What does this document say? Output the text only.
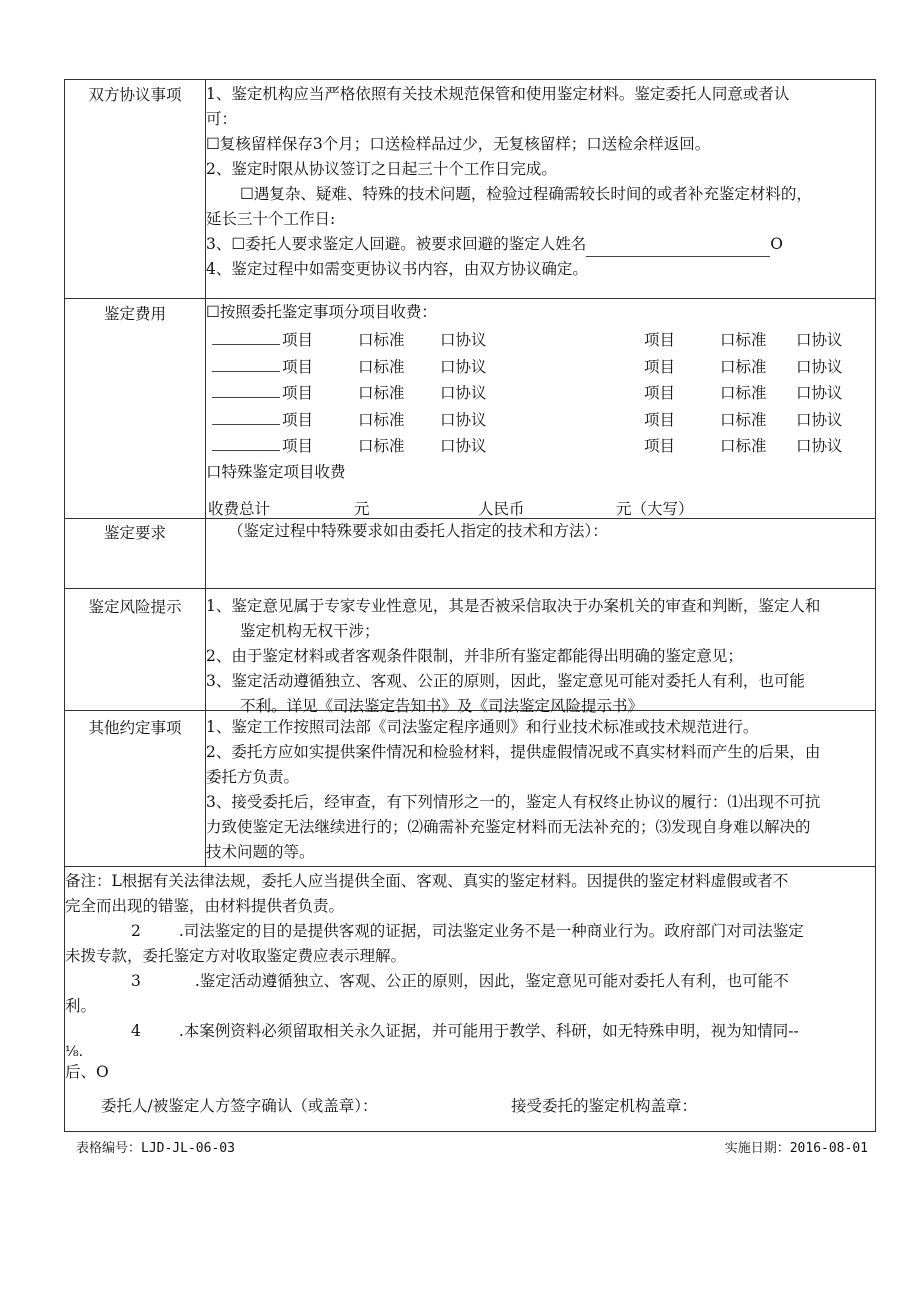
双方协议事项	1、鉴定机构应当严格依照有关技术规范保管和使用鉴定材料。鉴定委托人同意或者认
可：
☐复核留样保存3个月；口送检样品过少，无复核留样；口送检余样返回。
2、鉴定时限从协议签订之日起三十个工作日完成。
☐遇复杂、疑难、特殊的技术问题，检验过程确需较长时间的或者补充鉴定材料的，
延长三十个工作日:
3、☐委托人要求鉴定人回避。被要求回避的鉴定人姓名	O
4、鉴定过程中如需变更协议书内容，由双方协议确定。
鉴定费用	☐按照委托鉴定事项分项目收费：
项目	口标准 口协议	项目	口标准 口协议
项目	口标准 口协议	项目	口标准 口协议
项目	口标准 口协议	项目	口标准 口协议
项目	口标准 口协议	项目	口标准 口协议
项目	口标准 口协议	项目	口标准 口协议
口特殊鉴定项目收费
收费总计	元	人民币	元（大写）
鉴定要求	（鉴定过程中特殊要求如由委托人指定的技术和方法）：
鉴定风险提示	1、鉴定意见属于专家专业性意见，其是否被采信取决于办案机关的审查和判断，鉴定人和
鉴定机构无权干涉；
2、由于鉴定材料或者客观条件限制，并非所有鉴定都能得出明确的鉴定意见；
3、鉴定活动遵循独立、客观、公正的原则，因此，鉴定意见可能对委托人有利，也可能
不利。详见《司法鉴定告知书》及《司法鉴定风险提示书》
其他约定事项	1、鉴定工作按照司法部《司法鉴定程序通则》和行业技术标准或技术规范进行。
2、委托方应如实提供案件情况和检验材料，提供虚假情况或不真实材料而产生的后果，由
委托方负责。
3、接受委托后，经审查，有下列情形之一的，鉴定人有权终止协议的履行：⑴出现不可抗
力致使鉴定无法继续进行的；⑵确需补充鉴定材料而无法补充的；⑶发现自身难以解决的
技术问题的等。
备注：L根据有关法律法规，委托人应当提供全面、客观、真实的鉴定材料。因提供的鉴定材料虚假或者不
完全而出现的错鉴，由材料提供者负责。
2 .司法鉴定的目的是提供客观的证据，司法鉴定业务不是一种商业行为。政府部门对司法鉴定
未拨专款，委托鉴定方对收取鉴定费应表示理解。
3	.鉴定活动遵循独立、客观、公正的原则，因此，鉴定意见可能对委托人有利，也可能不
利。
4 .本案例资料必须留取相关永久证据，并可能用于教学、科研，如无特殊申明，视为知情同--
⅛.
后、O
委托人/被鉴定人方签字确认（或盖章）：	接受委托的鉴定机构盖章：
表格编号：LJD-JL-06-03	实施日期：2016-08-01
